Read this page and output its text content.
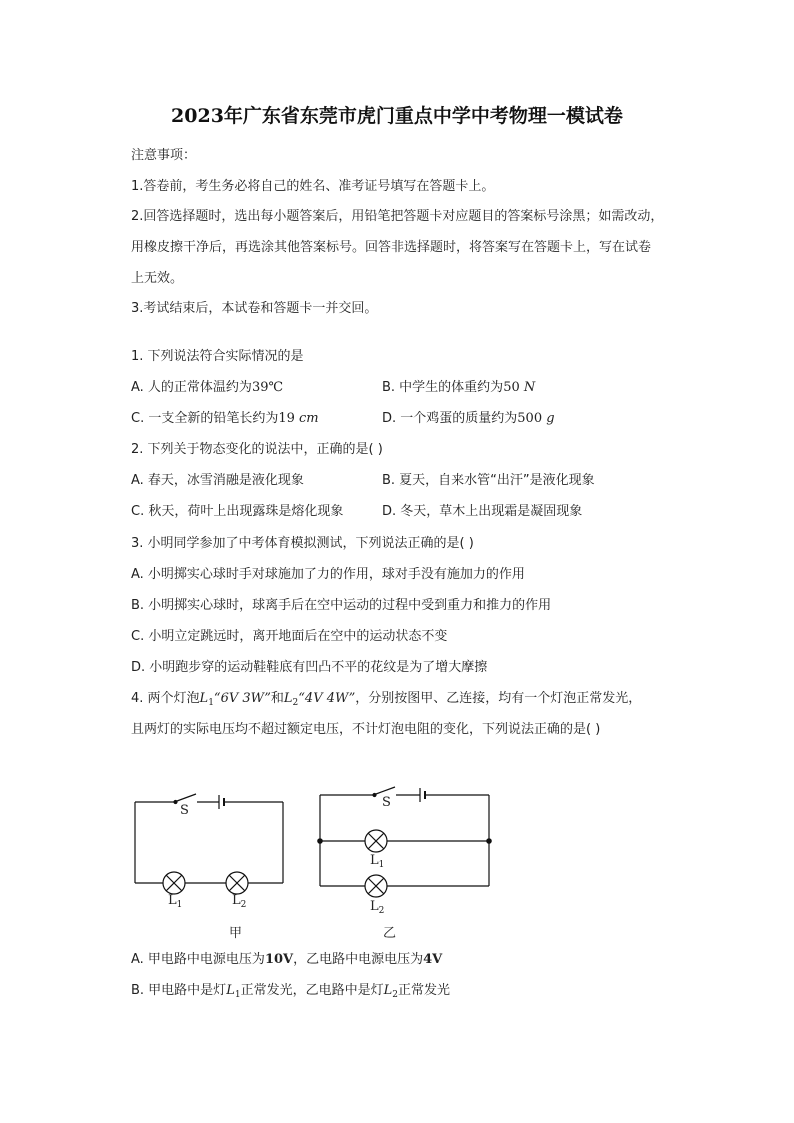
2023年广东省东莞市虎门重点中学中考物理一模试卷
注意事项：
1.答卷前，考生务必将自己的姓名、准考证号填写在答题卡上。
2.回答选择题时，选出每小题答案后，用铅笔把答题卡对应题目的答案标号涂黑；如需改动，
用橡皮擦干净后，再选涂其他答案标号。回答非选择题时，将答案写在答题卡上，写在试卷
上无效。
3.考试结束后，本试卷和答题卡一并交回。
1. 下列说法符合实际情况的是
A. 人的正常体温约为39℃	B. 中学生的体重约为50 N
C. 一支全新的铅笔长约为19 cm	D. 一个鸡蛋的质量约为500 g
2. 下列关于物态变化的说法中，正确的是( )
A. 春天，冰雪消融是液化现象	B. 夏天，自来水管“出汗”是液化现象
C. 秋天，荷叶上出现露珠是熔化现象	D. 冬天，草木上出现霜是凝固现象
3. 小明同学参加了中考体育模拟测试，下列说法正确的是( )
A. 小明掷实心球时手对球施加了力的作用，球对手没有施加力的作用
B. 小明掷实心球时，球离手后在空中运动的过程中受到重力和推力的作用
C. 小明立定跳远时，离开地面后在空中的运动状态不变
D. 小明跑步穿的运动鞋鞋底有凹凸不平的花纹是为了增大摩擦
4. 两个灯泡$L_1“6V$ 3W”和$L_2“4V$ 4W”，分别按图甲、乙连接，均有一个灯泡正常发光，
且两灯的实际电压均不超过额定电压，不计灯泡电阻的变化，下列说法正确的是( )
S
$L_1$	$L_2$
甲
S
$L_1$
$L_2$
乙
A. 甲电路中电源电压为10V，乙电路中电源电压为4V
B. 甲电路中是灯$L_1$正常发光，乙电路中是灯$L_2$正常发光
